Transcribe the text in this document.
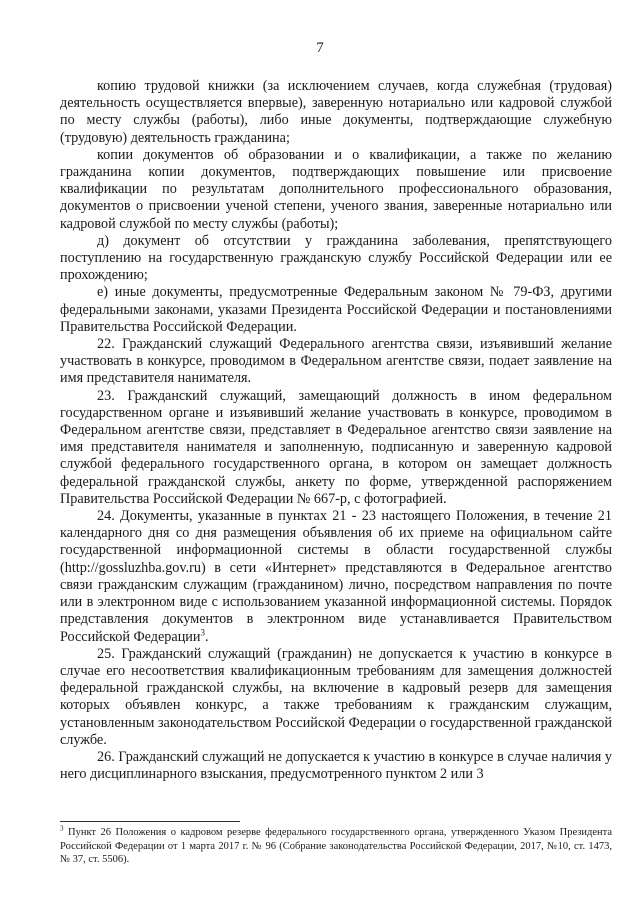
7

копию трудовой книжки (за исключением случаев, когда служебная (трудовая) деятельность осуществляется впервые), заверенную нотариально или кадровой службой по месту службы (работы), либо иные документы, подтверждающие служебную (трудовую) деятельность гражданина;

копии документов об образовании и о квалификации, а также по желанию гражданина копии документов, подтверждающих повышение или присвоение квалификации по результатам дополнительного профессионального образования, документов о присвоении ученой степени, ученого звания, заверенные нотариально или кадровой службой по месту службы (работы);

д) документ об отсутствии у гражданина заболевания, препятствующего поступлению на государственную гражданскую службу Российской Федерации или ее прохождению;

е) иные документы, предусмотренные Федеральным законом № 79-ФЗ, другими федеральными законами, указами Президента Российской Федерации и постановлениями Правительства Российской Федерации.

22. Гражданский служащий Федерального агентства связи, изъявивший желание участвовать в конкурсе, проводимом в Федеральном агентстве связи, подает заявление на имя представителя нанимателя.

23. Гражданский служащий, замещающий должность в ином федеральном государственном органе и изъявивший желание участвовать в конкурсе, проводимом в Федеральном агентстве связи, представляет в Федеральное агентство связи заявление на имя представителя нанимателя и заполненную, подписанную и заверенную кадровой службой федерального государственного органа, в котором он замещает должность федеральной гражданской службы, анкету по форме, утвержденной распоряжением Правительства Российской Федерации № 667-р, с фотографией.

24. Документы, указанные в пунктах 21 - 23 настоящего Положения, в течение 21 календарного дня со дня размещения объявления об их приеме на официальном сайте государственной информационной системы в области государственной службы (http://gossluzhba.gov.ru) в сети «Интернет» представляются в Федеральное агентство связи гражданским служащим (гражданином) лично, посредством направления по почте или в электронном виде с использованием указанной информационной системы. Порядок представления документов в электронном виде устанавливается Правительством Российской Федерации$^3$.

25. Гражданский служащий (гражданин) не допускается к участию в конкурсе в случае его несоответствия квалификационным требованиям для замещения должностей федеральной гражданской службы, на включение в кадровый резерв для замещения которых объявлен конкурс, а также требованиям к гражданским служащим, установленным законодательством Российской Федерации о государственной гражданской службе.

26. Гражданский служащий не допускается к участию в конкурсе в случае наличия у него дисциплинарного взыскания, предусмотренного пунктом 2 или 3

$^3$ Пункт 26 Положения о кадровом резерве федерального государственного органа, утвержденного Указом Президента Российской Федерации от 1 марта 2017 г. № 96 (Собрание законодательства Российской Федерации, 2017, №10, ст. 1473, № 37, ст. 5506).
